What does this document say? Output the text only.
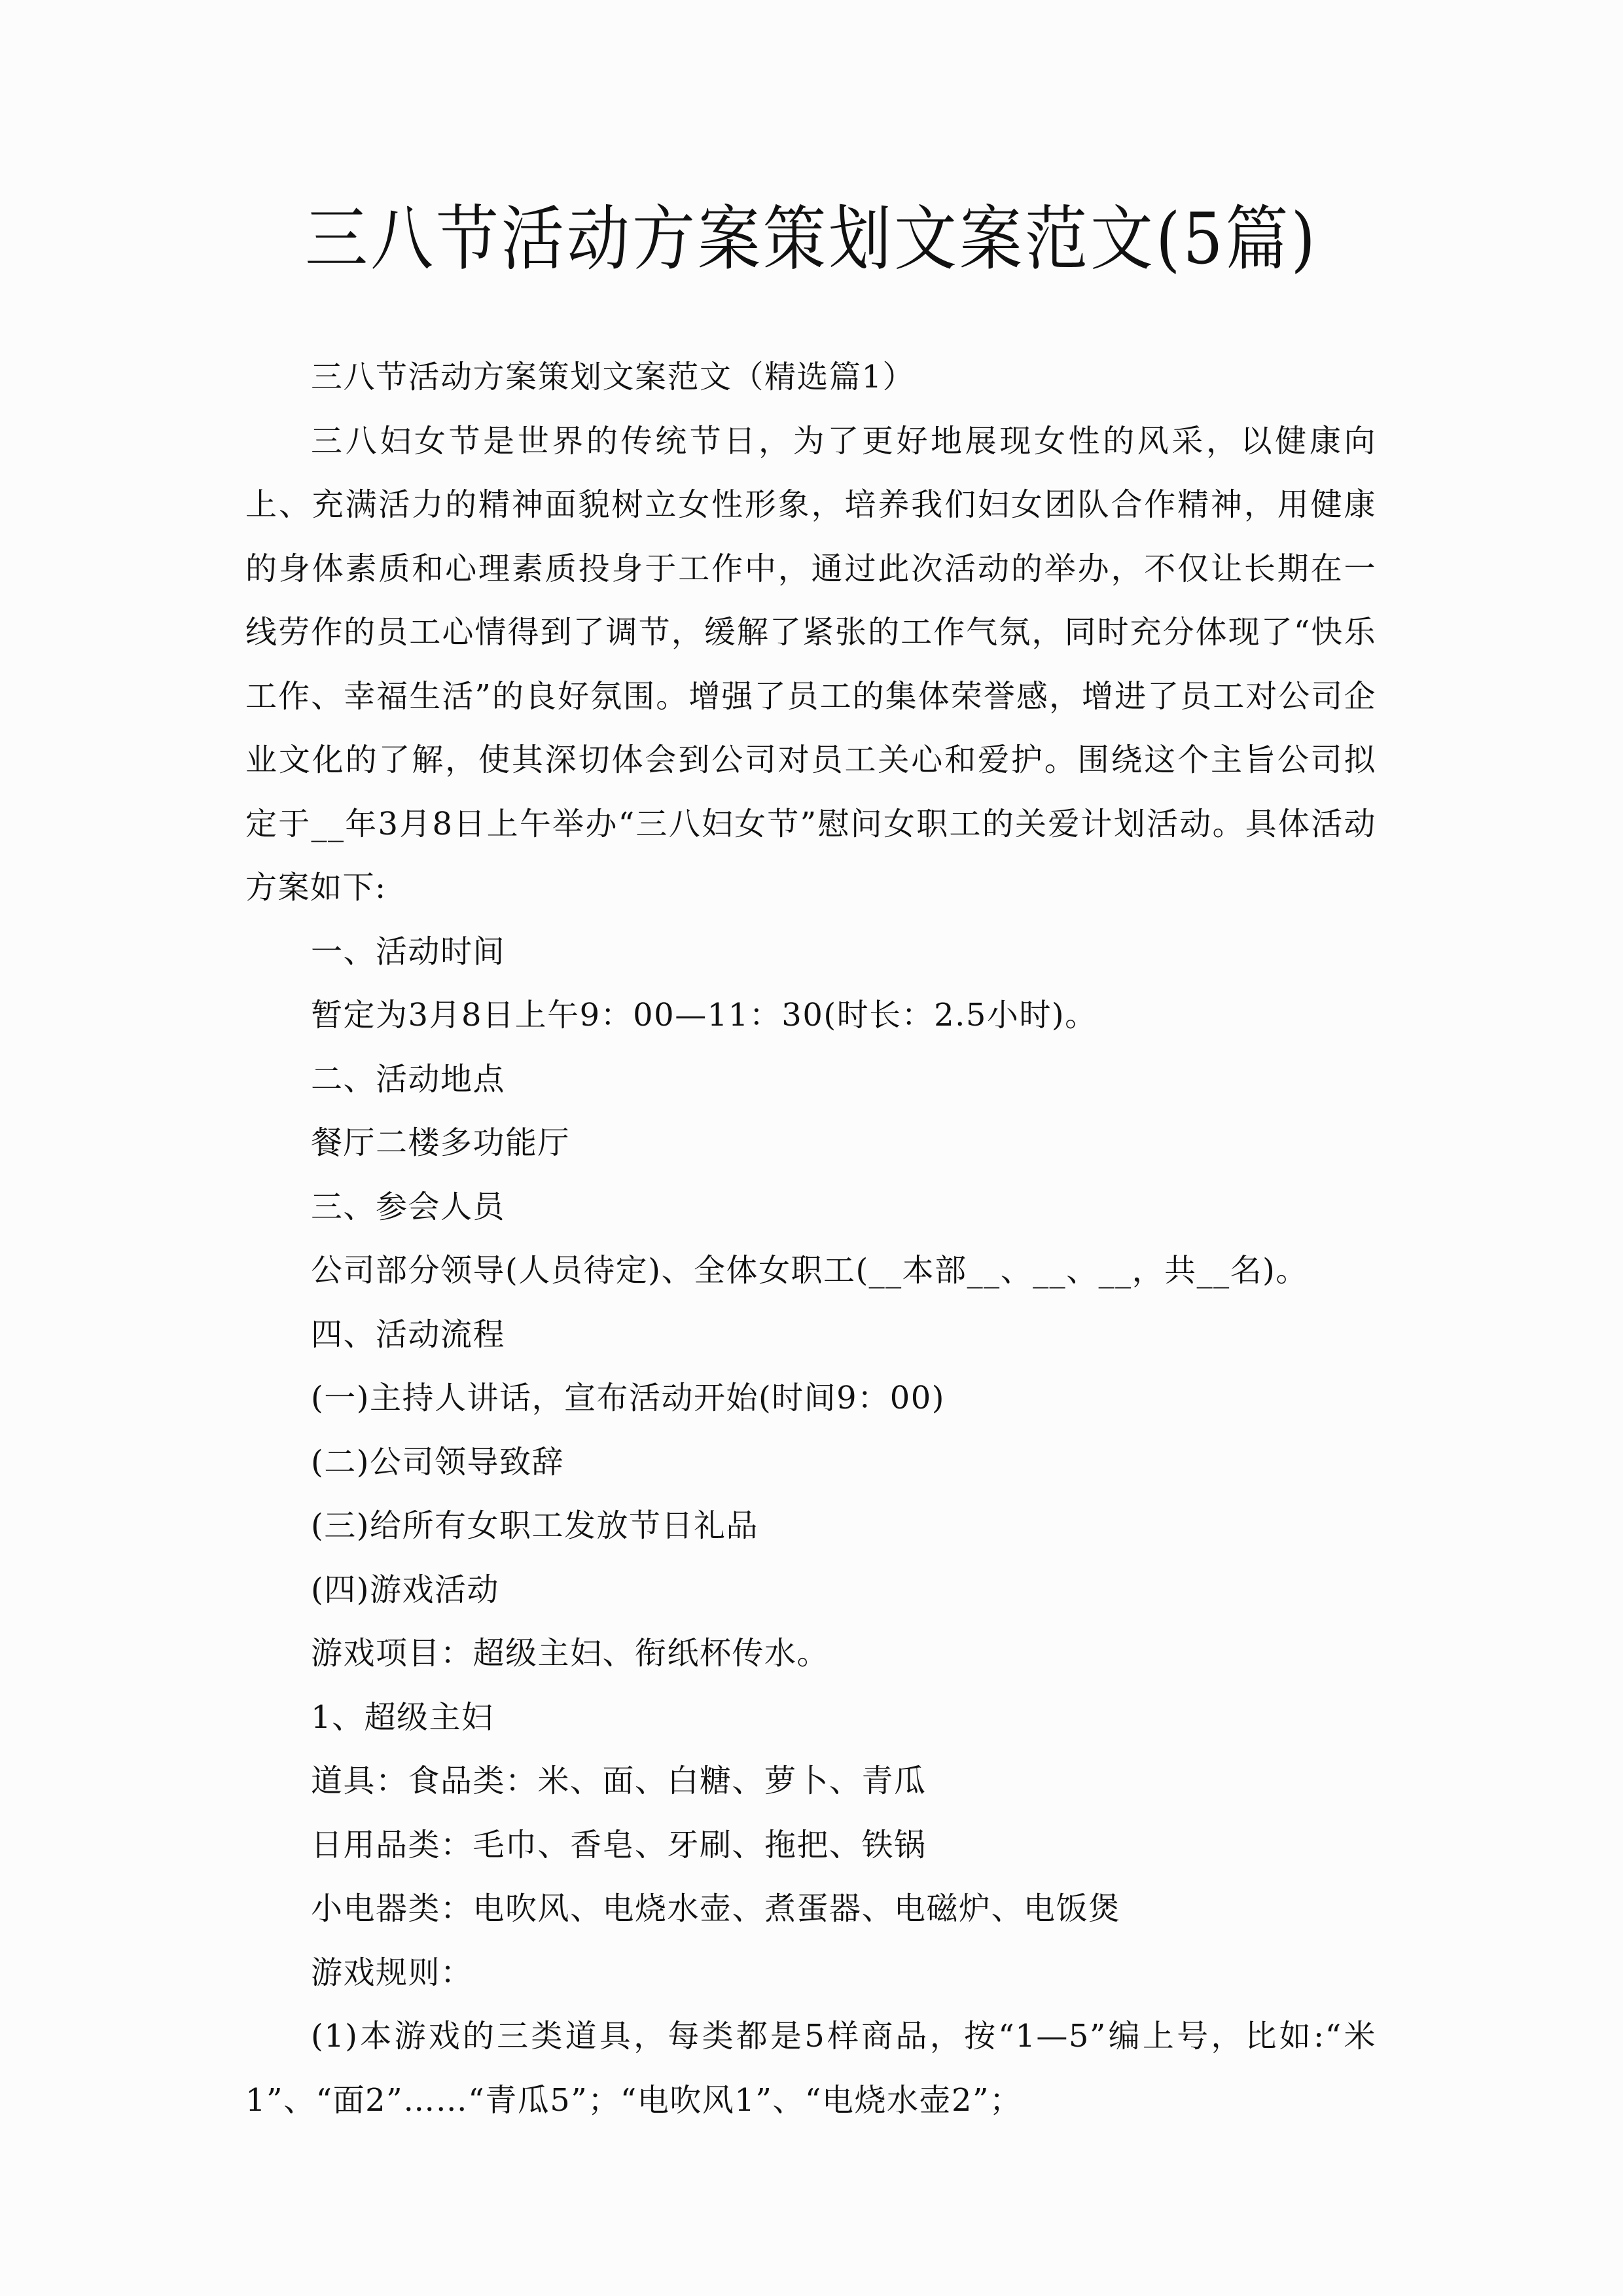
三八节活动方案策划文案范文(5篇)

三八节活动方案策划文案范文（精选篇1）

三八妇女节是世界的传统节日，为了更好地展现女性的风采，以健康向上、充满活力的精神面貌树立女性形象，培养我们妇女团队合作精神，用健康的身体素质和心理素质投身于工作中，通过此次活动的举办，不仅让长期在一线劳作的员工心情得到了调节，缓解了紧张的工作气氛，同时充分体现了“快乐工作、幸福生活”的良好氛围。增强了员工的集体荣誉感，增进了员工对公司企业文化的了解，使其深切体会到公司对员工关心和爱护。围绕这个主旨公司拟定于__年3月8日上午举办“三八妇女节”慰问女职工的关爱计划活动。具体活动方案如下:

一、活动时间

暂定为3月8日上午9：00—11：30(时长：2.5小时)。

二、活动地点

餐厅二楼多功能厅

三、参会人员

公司部分领导(人员待定)、全体女职工(__本部__、__、__，共__名)。

四、活动流程

(一)主持人讲话，宣布活动开始(时间9：00)

(二)公司领导致辞

(三)给所有女职工发放节日礼品

(四)游戏活动

游戏项目：超级主妇、衔纸杯传水。

1、超级主妇

道具：食品类：米、面、白糖、萝卜、青瓜

日用品类：毛巾、香皂、牙刷、拖把、铁锅

小电器类：电吹风、电烧水壶、煮蛋器、电磁炉、电饭煲

游戏规则：

(1)本游戏的三类道具，每类都是5样商品，按“1—5”编上号，比如:“米1”、“面2”……“青瓜5”；“电吹风1”、“电烧水壶2”；
